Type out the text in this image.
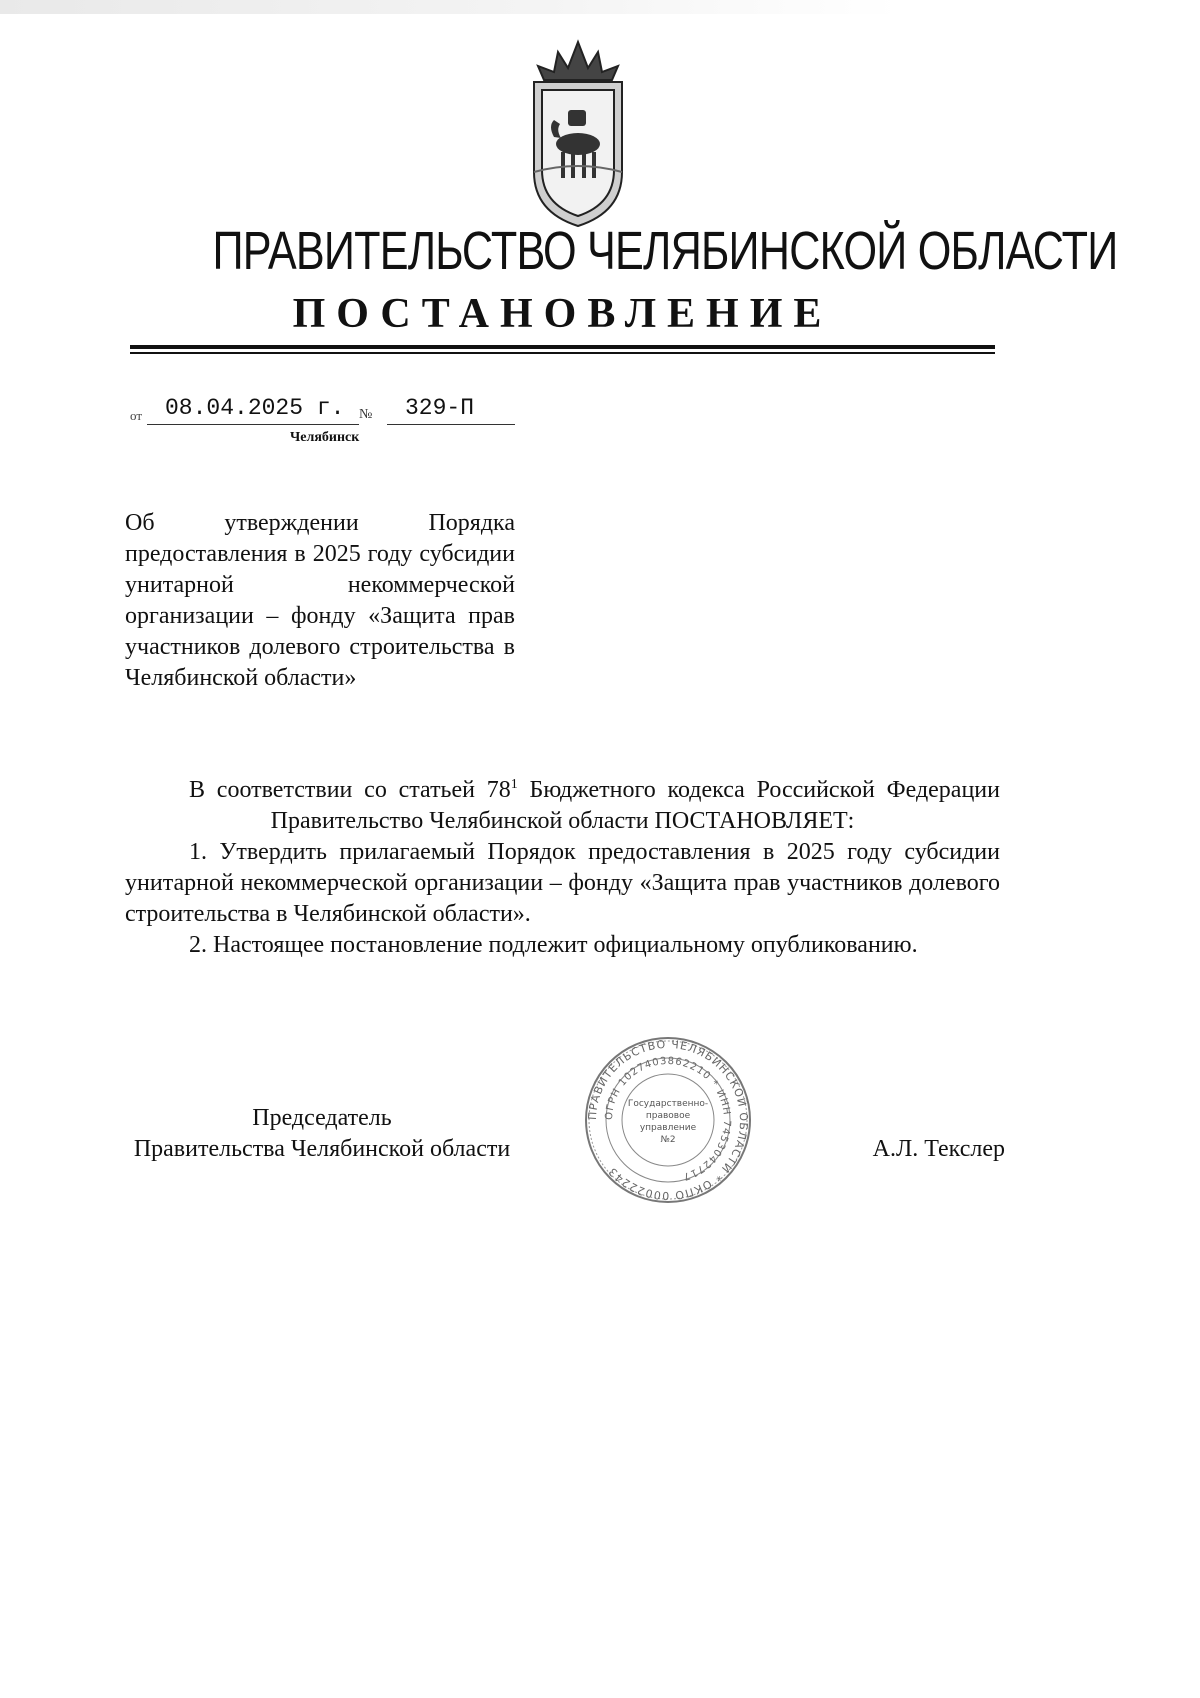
ПРАВИТЕЛЬСТВО ЧЕЛЯБИНСКОЙ ОБЛАСТИ
ПОСТАНОВЛЕНИЕ
от 08.04.2025 г. № 329-П
Челябинск
Об утверждении Порядка предоставления в 2025 году субсидии унитарной некоммерческой организации – фонду «Защита прав участников долевого строительства в Челябинской области»

В соответствии со статьей $78^1$ Бюджетного кодекса Российской Федерации

Правительство Челябинской области ПОСТАНОВЛЯЕТ:

1. Утвердить прилагаемый Порядок предоставления в 2025 году субсидии унитарной некоммерческой организации – фонду «Защита прав участников долевого строительства в Челябинской области».

2. Настоящее постановление подлежит официальному опубликованию.

Председатель
Правительства Челябинской области
ПРАВИТЕЛЬСТВО ЧЕЛЯБИНСКОЙ ОБЛАСТИ * ОКПО 00022243
ОГРН 1027403862210 * ИНН 7453042717
Государственно-
правовое
управление
№2	А.Л. Текслер
